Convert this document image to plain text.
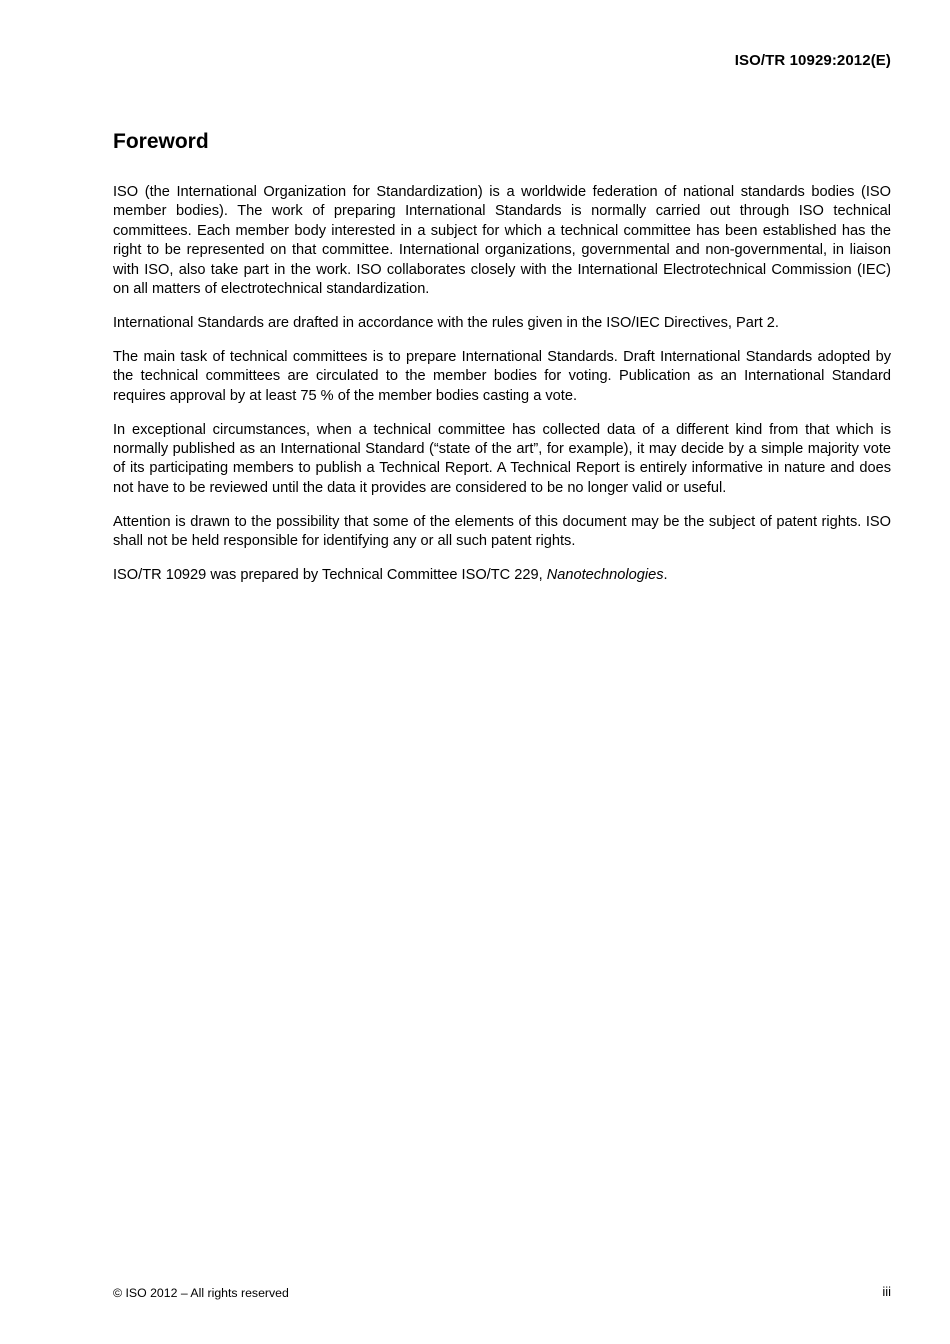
ISO/TR 10929:2012(E)
Foreword

ISO (the International Organization for Standardization) is a worldwide federation of national standards bodies (ISO member bodies). The work of preparing International Standards is normally carried out through ISO technical committees. Each member body interested in a subject for which a technical committee has been established has the right to be represented on that committee. International organizations, governmental and non-governmental, in liaison with ISO, also take part in the work. ISO collaborates closely with the International Electrotechnical Commission (IEC) on all matters of electrotechnical standardization.

International Standards are drafted in accordance with the rules given in the ISO/IEC Directives, Part 2.

The main task of technical committees is to prepare International Standards. Draft International Standards adopted by the technical committees are circulated to the member bodies for voting. Publication as an International Standard requires approval by at least 75 % of the member bodies casting a vote.

In exceptional circumstances, when a technical committee has collected data of a different kind from that which is normally published as an International Standard (“state of the art”, for example), it may decide by a simple majority vote of its participating members to publish a Technical Report. A Technical Report is entirely informative in nature and does not have to be reviewed until the data it provides are considered to be no longer valid or useful.

Attention is drawn to the possibility that some of the elements of this document may be the subject of patent rights. ISO shall not be held responsible for identifying any or all such patent rights.

ISO/TR 10929 was prepared by Technical Committee ISO/TC 229, Nanotechnologies.

© ISO 2012 – All rights reserved	iii
